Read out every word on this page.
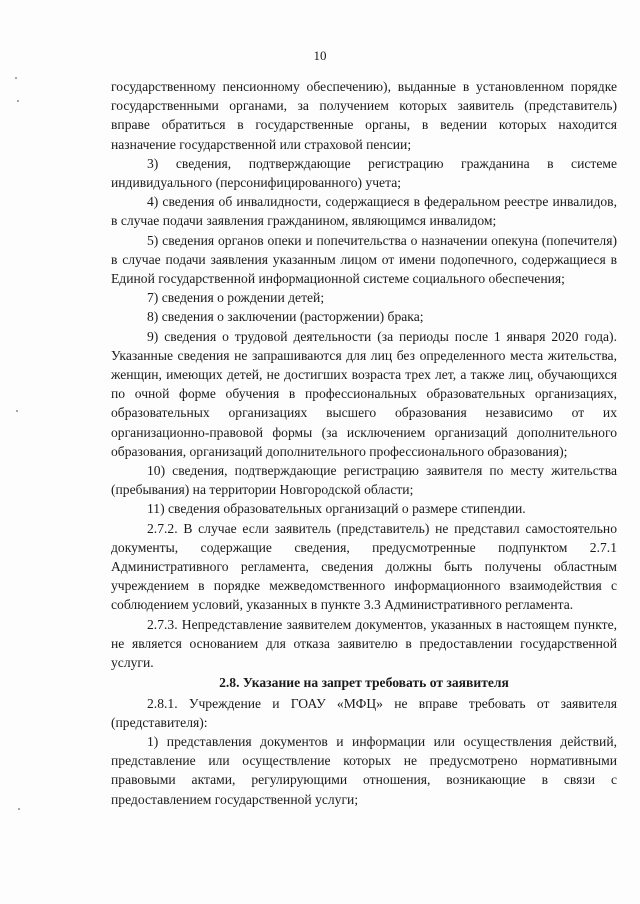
10

государственному пенсионному обеспечению), выданные в установленном порядке государственными органами, за получением которых заявитель (представитель) вправе обратиться в государственные органы, в ведении которых находится назначение государственной или страховой пенсии;

3) сведения, подтверждающие регистрацию гражданина в системе индивидуального (персонифицированного) учета;

4) сведения об инвалидности, содержащиеся в федеральном реестре инвалидов, в случае подачи заявления гражданином, являющимся инвалидом;

5) сведения органов опеки и попечительства о назначении опекуна (попечителя) в случае подачи заявления указанным лицом от имени подопечного, содержащиеся в Единой государственной информационной системе социального обеспечения;

7) сведения о рождении детей;

8) сведения о заключении (расторжении) брака;

9) сведения о трудовой деятельности (за периоды после 1 января 2020 года). Указанные сведения не запрашиваются для лиц без определенного места жительства, женщин, имеющих детей, не достигших возраста трех лет, а также лиц, обучающихся по очной форме обучения в профессиональных образовательных организациях, образовательных организациях высшего образования независимо от их организационно-правовой формы (за исключением организаций дополнительного образования, организаций дополнительного профессионального образования);

10) сведения, подтверждающие регистрацию заявителя по месту жительства (пребывания) на территории Новгородской области;

11) сведения образовательных организаций о размере стипендии.

2.7.2. В случае если заявитель (представитель) не представил самостоятельно документы, содержащие сведения, предусмотренные подпунктом 2.7.1 Административного регламента, сведения должны быть получены областным учреждением в порядке межведомственного информационного взаимодействия с соблюдением условий, указанных в пункте 3.3 Административного регламента.

2.7.3. Непредставление заявителем документов, указанных в настоящем пункте, не является основанием для отказа заявителю в предоставлении государственной услуги.

2.8. Указание на запрет требовать от заявителя

2.8.1. Учреждение и ГОАУ «МФЦ» не вправе требовать от заявителя (представителя):

1) представления документов и информации или осуществления действий, представление или осуществление которых не предусмотрено нормативными правовыми актами, регулирующими отношения, возникающие в связи с предоставлением государственной услуги;
